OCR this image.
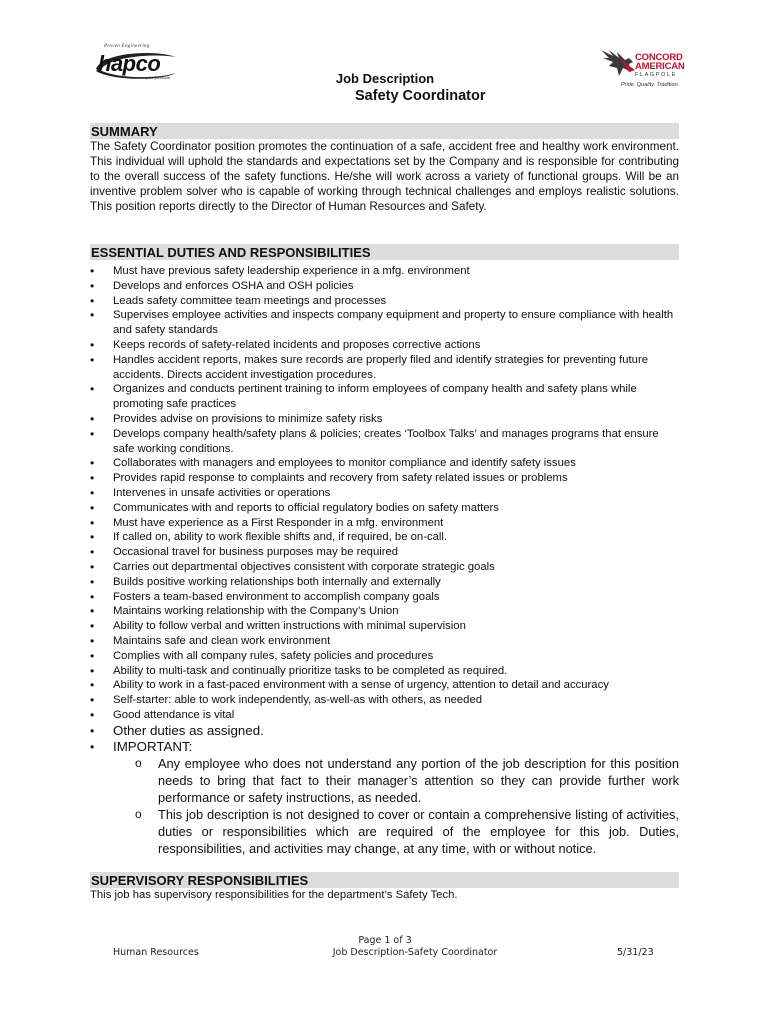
Proven Engineering
hapco
pole products
CONCORD
AMERICAN
FLAGPOLE
Pride. Quality. Tradition.
Job Description
Safety Coordinator
SUMMARY
The Safety Coordinator position promotes the continuation of a safe, accident free and healthy work environment. This individual will uphold the standards and expectations set by the Company and is responsible for contributing to the overall success of the safety functions. He/she will work across a variety of functional groups. Will be an inventive problem solver who is capable of working through technical challenges and employs realistic solutions. This position reports directly to the Director of Human Resources and Safety.
ESSENTIAL DUTIES AND RESPONSIBILITIES
• Must have previous safety leadership experience in a mfg. environment
• Develops and enforces OSHA and OSH policies
• Leads safety committee team meetings and processes
• Supervises employee activities and inspects company equipment and property to ensure compliance with health and safety standards
• Keeps records of safety-related incidents and proposes corrective actions
• Handles accident reports, makes sure records are properly filed and identify strategies for preventing future accidents. Directs accident investigation procedures.
• Organizes and conducts pertinent training to inform employees of company health and safety plans while promoting safe practices
• Provides advise on provisions to minimize safety risks
• Develops company health/safety plans & policies; creates ‘Toolbox Talks’ and manages programs that ensure safe working conditions.
• Collaborates with managers and employees to monitor compliance and identify safety issues
• Provides rapid response to complaints and recovery from safety related issues or problems
• Intervenes in unsafe activities or operations
• Communicates with and reports to official regulatory bodies on safety matters
• Must have experience as a First Responder in a mfg. environment
• If called on, ability to work flexible shifts and, if required, be on-call.
• Occasional travel for business purposes may be required
• Carries out departmental objectives consistent with corporate strategic goals
• Builds positive working relationships both internally and externally
• Fosters a team-based environment to accomplish company goals
• Maintains working relationship with the Company’s Union
• Ability to follow verbal and written instructions with minimal supervision
• Maintains safe and clean work environment
• Complies with all company rules, safety policies and procedures
• Ability to multi-task and continually prioritize tasks to be completed as required.
• Ability to work in a fast-paced environment with a sense of urgency, attention to detail and accuracy
• Self-starter: able to work independently, as-well-as with others, as needed
• Good attendance is vital
• Other duties as assigned.
• IMPORTANT:
o Any employee who does not understand any portion of the job description for this position needs to bring that fact to their manager’s attention so they can provide further work performance or safety instructions, as needed.
o This job description is not designed to cover or contain a comprehensive listing of activities, duties or responsibilities which are required of the employee for this job. Duties, responsibilities, and activities may change, at any time, with or without notice.
SUPERVISORY RESPONSIBILITIES
This job has supervisory responsibilities for the department’s Safety Tech.
Human Resources
Page 1 of 3
Job Description-Safety Coordinator	5/31/23
